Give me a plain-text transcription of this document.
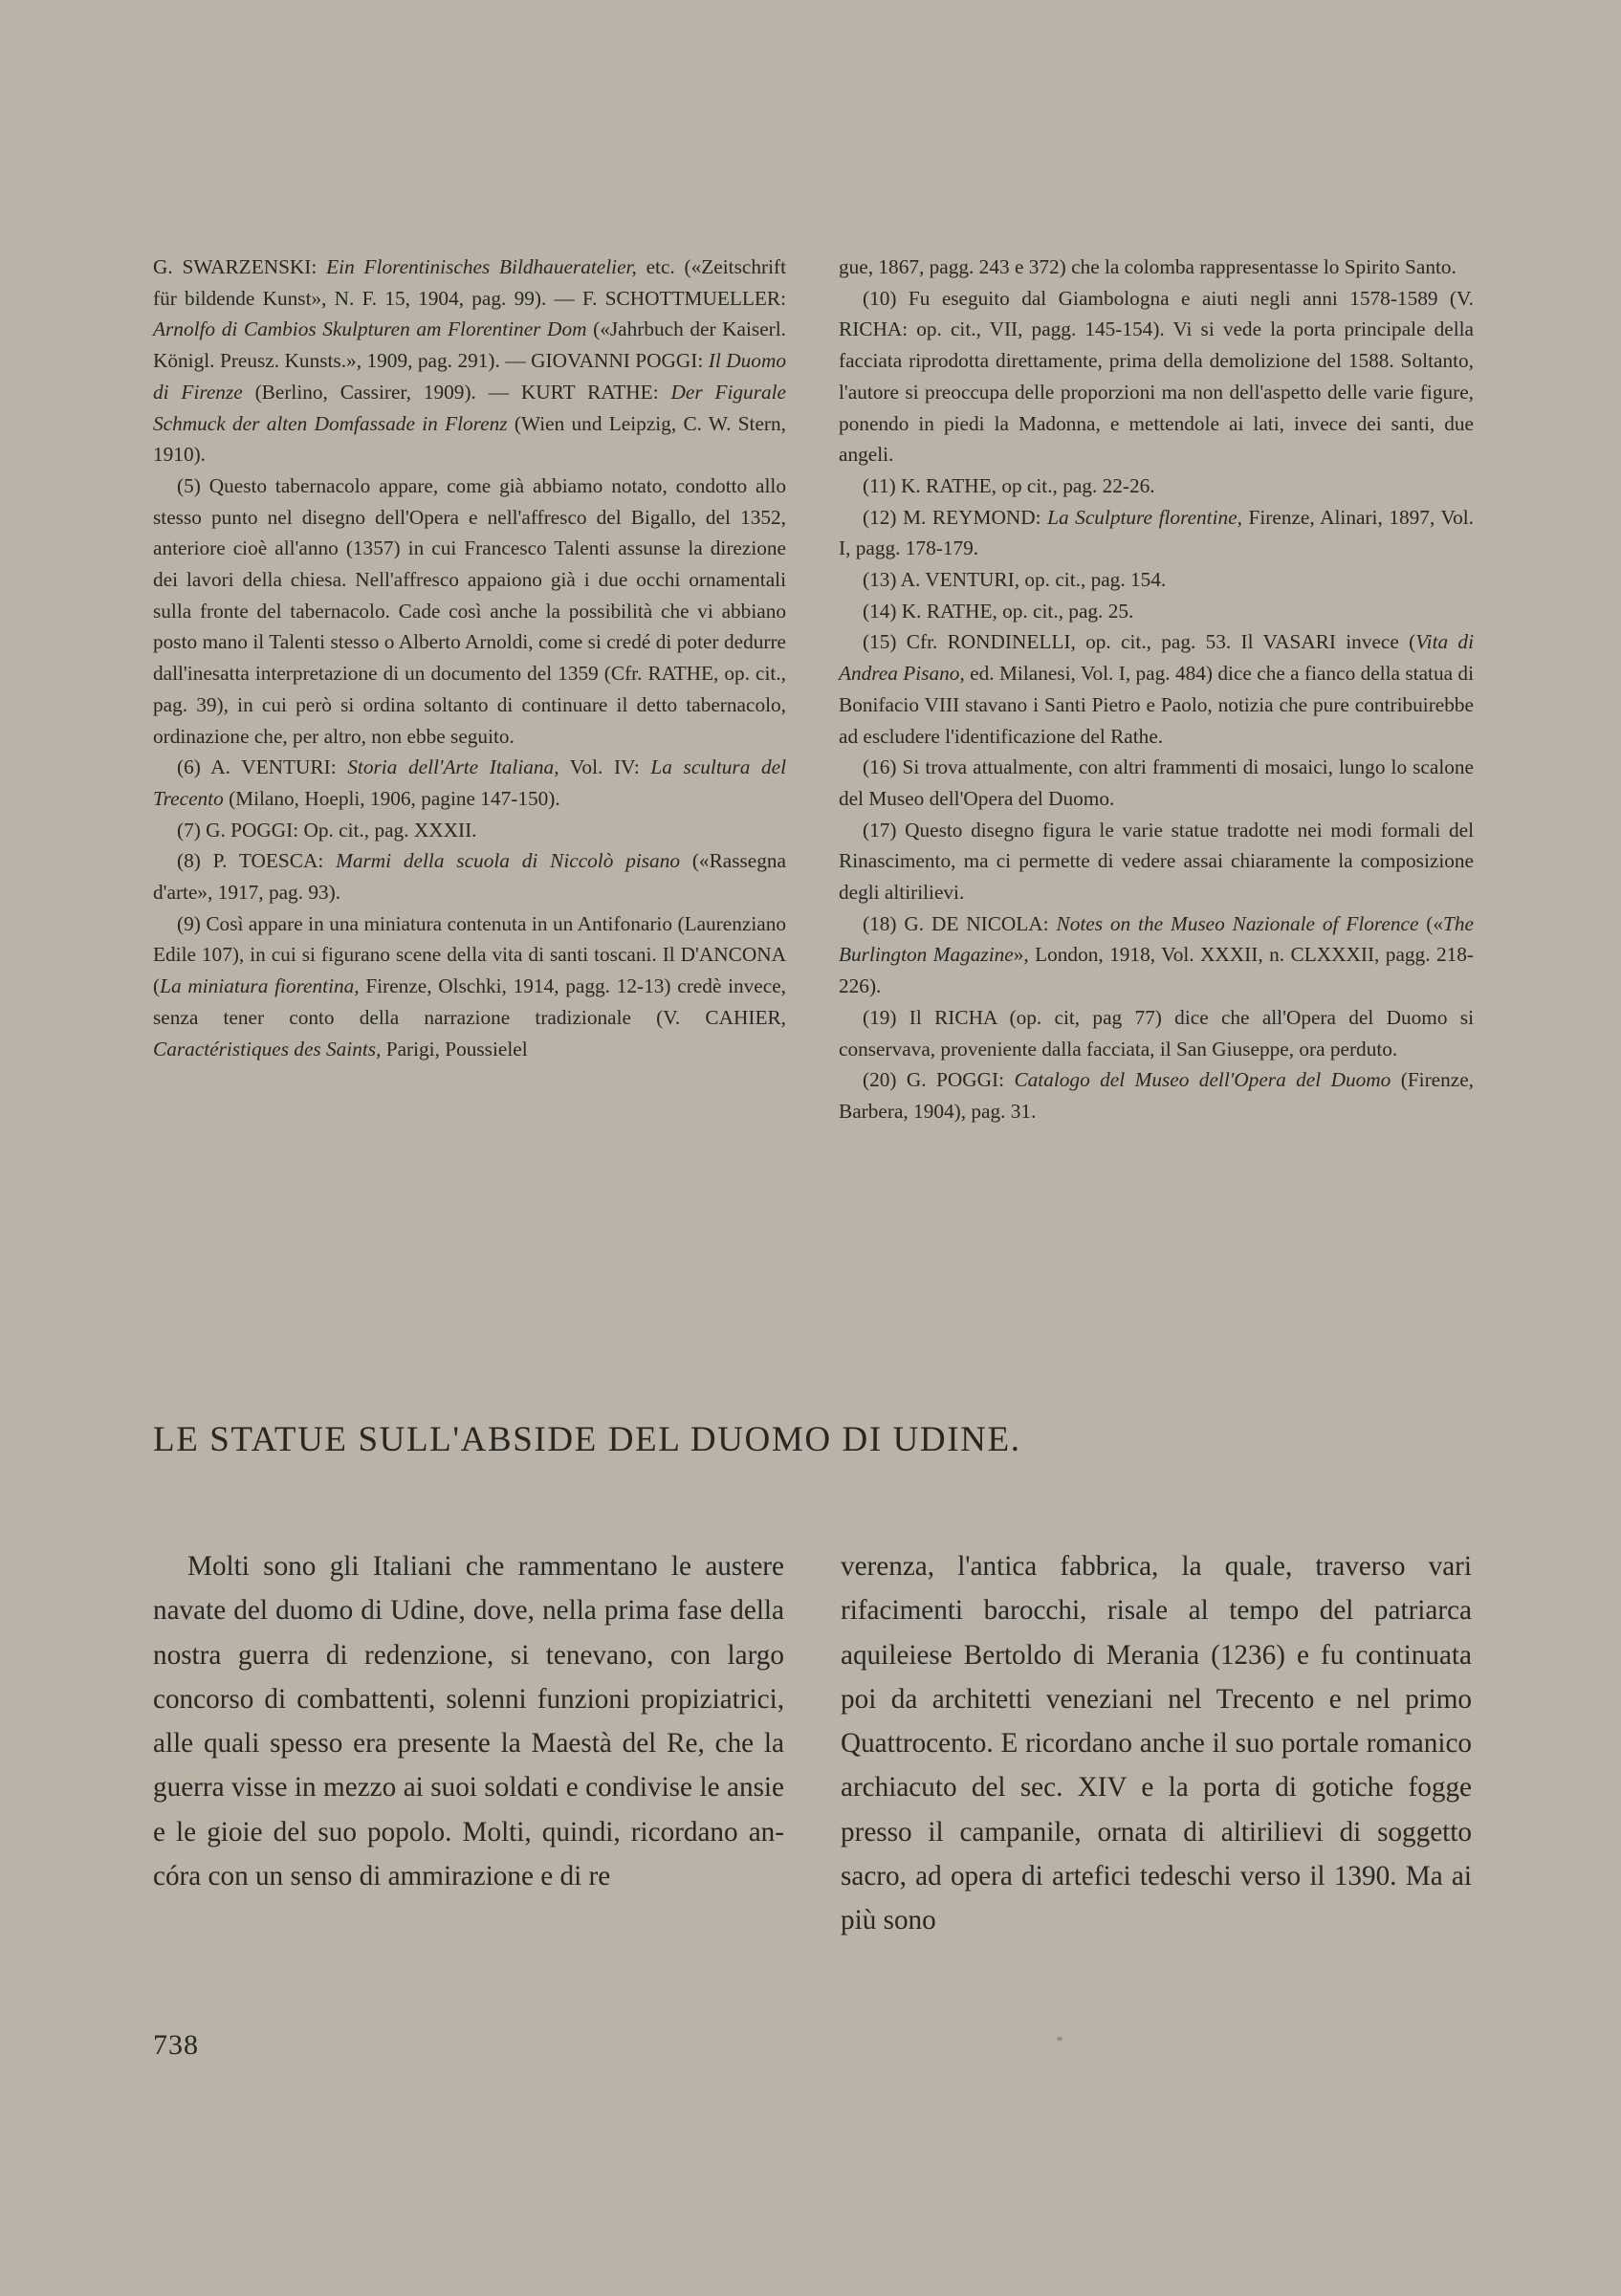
G. SWARZENSKI: Ein Florentinisches Bildhaueratelier, etc. («Zeitschrift für bildende Kunst», N. F. 15, 1904, pag. 99). — F. SCHOTTMUELLER: Arnolfo di Cambios Skulpturen am Florentiner Dom («Jahrbuch der Kaiserl. Königl. Preusz. Kunsts.», 1909, pag. 291). — GIOVANNI POGGI: Il Duomo di Firenze (Berlino, Cassirer, 1909). — KURT RATHE: Der Figurale Schmuck der alten Domfassade in Florenz (Wien und Leipzig, C. W. Stern, 1910).

(5) Questo tabernacolo appare, come già abbiamo notato, condotto allo stesso punto nel disegno dell'Opera e nell'affresco del Bigallo, del 1352, anteriore cioè all'anno (1357) in cui Francesco Talenti assunse la direzione dei lavori della chiesa. Nell'affresco appaiono già i due occhi ornamentali sulla fronte del tabernacolo. Cade così anche la possibilità che vi abbiano posto mano il Talenti stesso o Alberto Arnoldi, come si credé di poter dedurre dall'inesatta interpretazione di un documento del 1359 (Cfr. RATHE, op. cit., pag. 39), in cui però si ordina soltanto di continuare il detto tabernacolo, ordinazione che, per altro, non ebbe seguito.

(6) A. VENTURI: Storia dell'Arte Italiana, Vol. IV: La scultura del Trecento (Milano, Hoepli, 1906, pagine 147-150).

(7) G. POGGI: Op. cit., pag. XXXII.

(8) P. TOESCA: Marmi della scuola di Niccolò pisano («Rassegna d'arte», 1917, pag. 93).

(9) Così appare in una miniatura contenuta in un Antifonario (Laurenziano Edile 107), in cui si figurano scene della vita di santi toscani. Il D'ANCONA (La miniatura fiorentina, Firenze, Olschki, 1914, pagg. 12-13) credè invece, senza tener conto della narrazione tradizionale (V. CAHIER, Caractéristiques des Saints, Parigi, Poussielel

gue, 1867, pagg. 243 e 372) che la colomba rappresentasse lo Spirito Santo.

(10) Fu eseguito dal Giambologna e aiuti negli anni 1578-1589 (V. RICHA: op. cit., VII, pagg. 145-154). Vi si vede la porta principale della facciata riprodotta direttamente, prima della demolizione del 1588. Soltanto, l'autore si preoccupa delle proporzioni ma non dell'aspetto delle varie figure, ponendo in piedi la Madonna, e mettendole ai lati, invece dei santi, due angeli.

(11) K. RATHE, op cit., pag. 22-26.

(12) M. REYMOND: La Sculpture florentine, Firenze, Alinari, 1897, Vol. I, pagg. 178-179.

(13) A. VENTURI, op. cit., pag. 154.

(14) K. RATHE, op. cit., pag. 25.

(15) Cfr. RONDINELLI, op. cit., pag. 53. Il VASARI invece (Vita di Andrea Pisano, ed. Milanesi, Vol. I, pag. 484) dice che a fianco della statua di Bonifacio VIII stavano i Santi Pietro e Paolo, notizia che pure contribuirebbe ad escludere l'identificazione del Rathe.

(16) Si trova attualmente, con altri frammenti di mosaici, lungo lo scalone del Museo dell'Opera del Duomo.

(17) Questo disegno figura le varie statue tradotte nei modi formali del Rinascimento, ma ci permette di vedere assai chiaramente la composizione degli altirilievi.

(18) G. DE NICOLA: Notes on the Museo Nazionale of Florence («The Burlington Magazine», London, 1918, Vol. XXXII, n. CLXXXII, pagg. 218-226).

(19) Il RICHA (op. cit, pag 77) dice che all'Opera del Duomo si conservava, proveniente dalla facciata, il San Giuseppe, ora perduto.

(20) G. POGGI: Catalogo del Museo dell'Opera del Duomo (Firenze, Barbera, 1904), pag. 31.

LE STATUE SULL'ABSIDE DEL DUOMO DI UDINE.

Molti sono gli Italiani che rammentano le austere navate del duomo di Udine, dove, nella prima fase della nostra guerra di redenzione, si tenevano, con largo concorso di combattenti, solenni funzioni propiziatrici, alle quali spesso era presente la Maestà del Re, che la guerra visse in mezzo ai suoi soldati e condivise le ansie e le gioie del suo popolo. Molti, quindi, ricordano ancóra con un senso di ammirazione e di re

verenza, l'antica fabbrica, la quale, traverso vari rifacimenti barocchi, risale al tempo del patriarca aquileiese Bertoldo di Merania (1236) e fu continuata poi da architetti veneziani nel Trecento e nel primo Quattrocento. E ricordano anche il suo portale romanico archiacuto del sec. XIV e la porta di gotiche fogge presso il campanile, ornata di altirilievi di soggetto sacro, ad opera di artefici tedeschi verso il 1390. Ma ai più sono

738
